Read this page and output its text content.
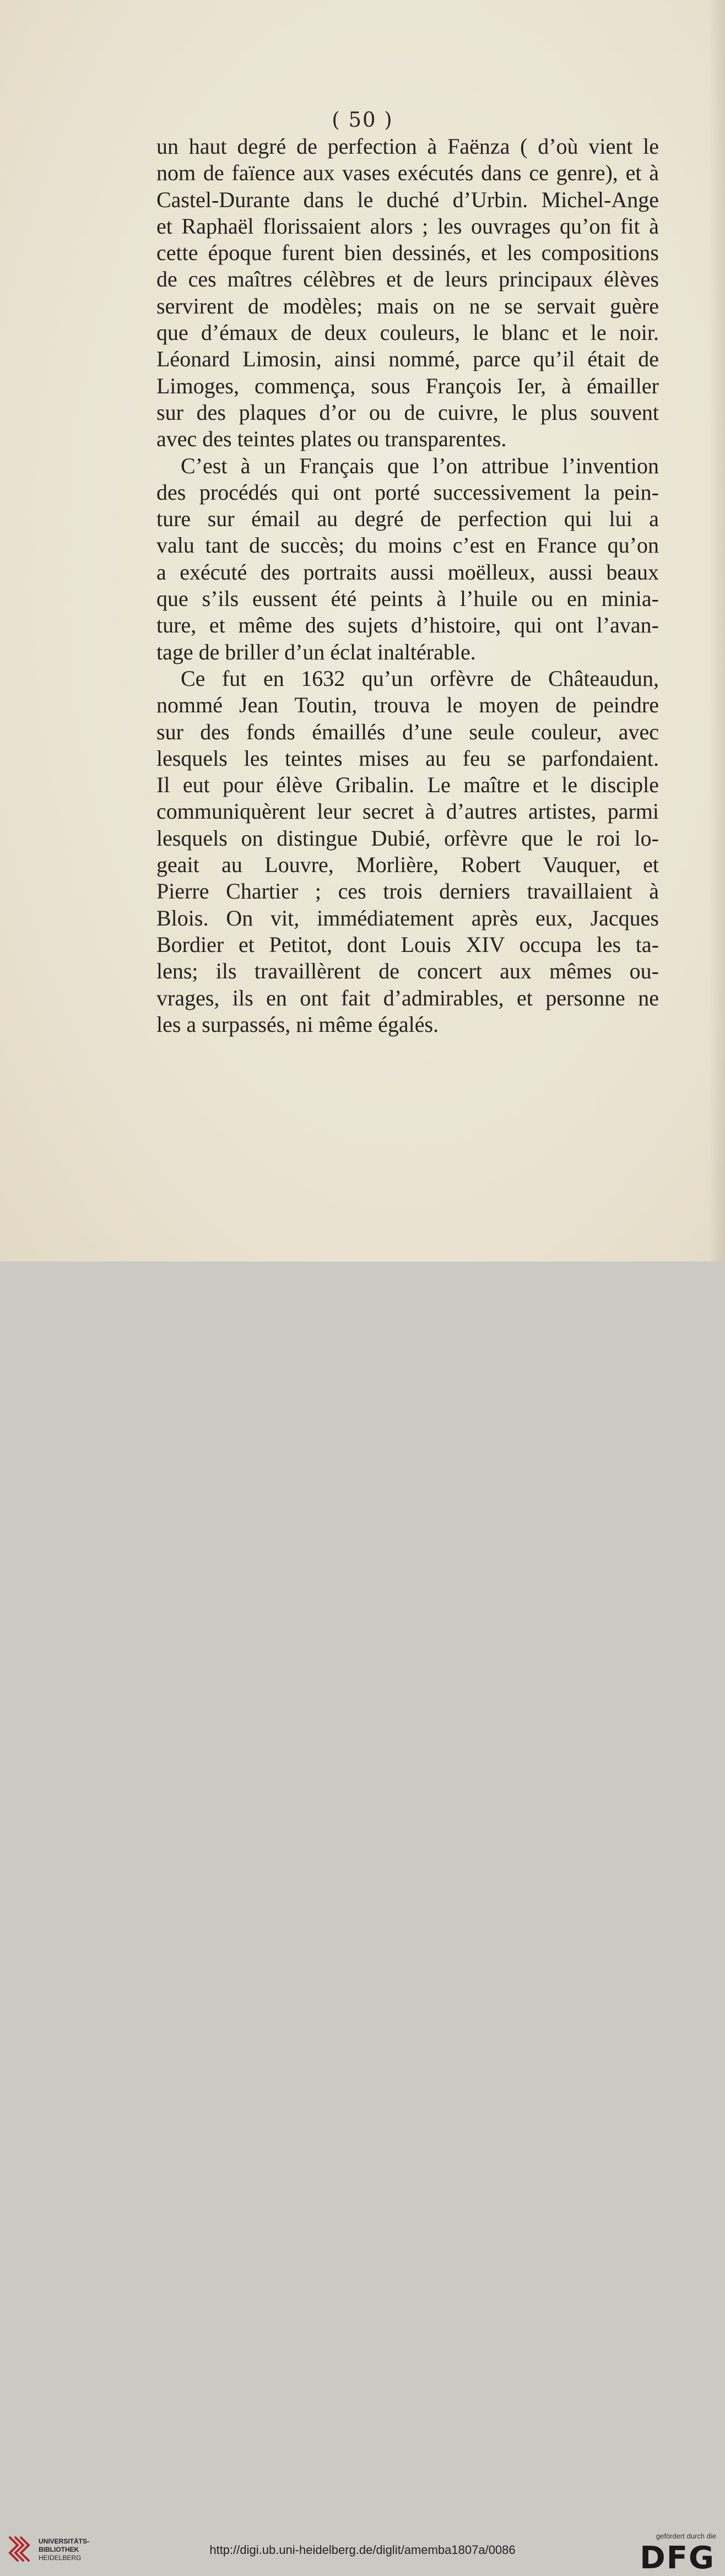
( 50 )
un haut degré de perfection à Faënza ( d’où vient le
nom de faïence aux vases exécutés dans ce genre), et à
Castel-Durante dans le duché d’Urbin. Michel-Ange
et Raphaël florissaient alors ; les ouvrages qu’on fit à
cette époque furent bien dessinés, et les compositions
de ces maîtres célèbres et de leurs principaux élèves
servirent de modèles; mais on ne se servait guère
que d’émaux de deux couleurs, le blanc et le noir.
Léonard Limosin, ainsi nommé, parce qu’il était de
Limoges, commença, sous François Ier, à émailler
sur des plaques d’or ou de cuivre, le plus souvent
avec des teintes plates ou transparentes.
C’est à un Français que l’on attribue l’invention
des procédés qui ont porté successivement la pein-
ture sur émail au degré de perfection qui lui a
valu tant de succès; du moins c’est en France qu’on
a exécuté des portraits aussi moëlleux, aussi beaux
que s’ils eussent été peints à l’huile ou en minia-
ture, et même des sujets d’histoire, qui ont l’avan-
tage de briller d’un éclat inaltérable.
Ce fut en 1632 qu’un orfèvre de Châteaudun,
nommé Jean Toutin, trouva le moyen de peindre
sur des fonds émaillés d’une seule couleur, avec
lesquels les teintes mises au feu se parfondaient.
Il eut pour élève Gribalin. Le maître et le disciple
communiquèrent leur secret à d’autres artistes, parmi
lesquels on distingue Dubié, orfèvre que le roi lo-
geait au Louvre, Morlière, Robert Vauquer, et
Pierre Chartier ; ces trois derniers travaillaient à
Blois. On vit, immédiatement après eux, Jacques
Bordier et Petitot, dont Louis XIV occupa les ta-
lens; ils travaillèrent de concert aux mêmes ou-
vrages, ils en ont fait d’admirables, et personne ne
les a surpassés, ni même égalés.
UNIVERSITÄTS-
BIBLIOTHEK
HEIDELBERG
http://digi.ub.uni-heidelberg.de/diglit/amemba1807a/0086
gefördert durch die
DFG
